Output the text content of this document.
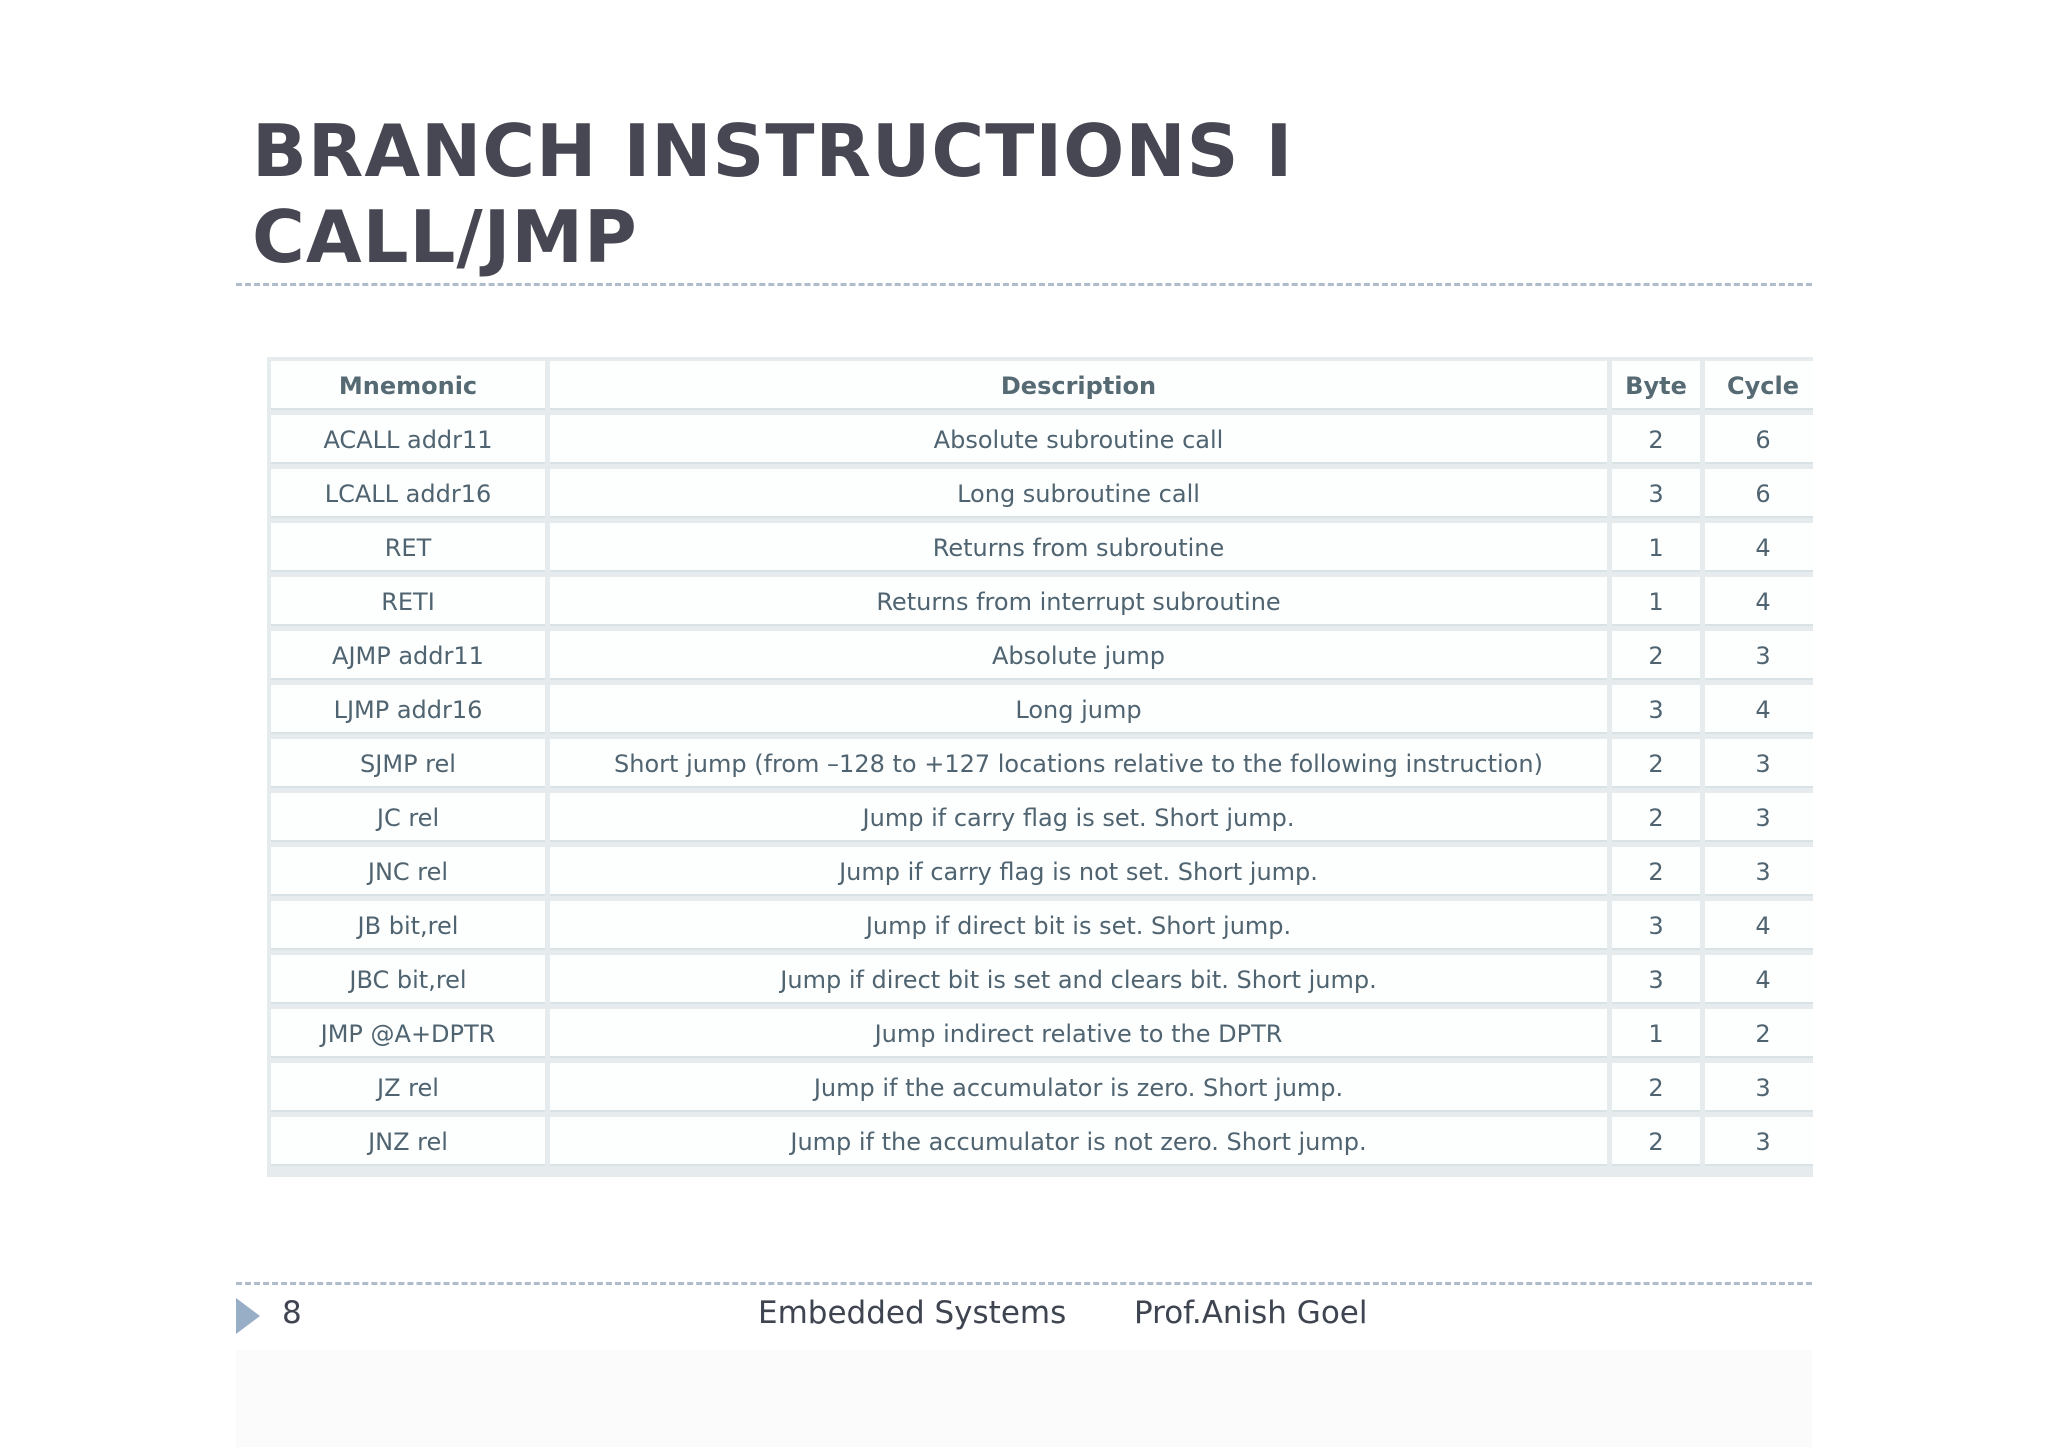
BRANCH INSTRUCTIONS I
CALL/JMP
Mnemonic	Description	Byte	Cycle
ACALL addr11	Absolute subroutine call	2	6
LCALL addr16	Long subroutine call	3	6
RET	Returns from subroutine	1	4
RETI	Returns from interrupt subroutine	1	4
AJMP addr11	Absolute jump	2	3
LJMP addr16	Long jump	3	4
SJMP rel	Short jump (from –128 to +127 locations relative to the following instruction)	2	3
JC rel	Jump if carry flag is set. Short jump.	2	3
JNC rel	Jump if carry flag is not set. Short jump.	2	3
JB bit,rel	Jump if direct bit is set. Short jump.	3	4
JBC bit,rel	Jump if direct bit is set and clears bit. Short jump.	3	4
JMP @A+DPTR	Jump indirect relative to the DPTR	1	2
JZ rel	Jump if the accumulator is zero. Short jump.	2	3
JNZ rel	Jump if the accumulator is not zero. Short jump.	2	3
8	Embedded Systems Prof.Anish Goel
